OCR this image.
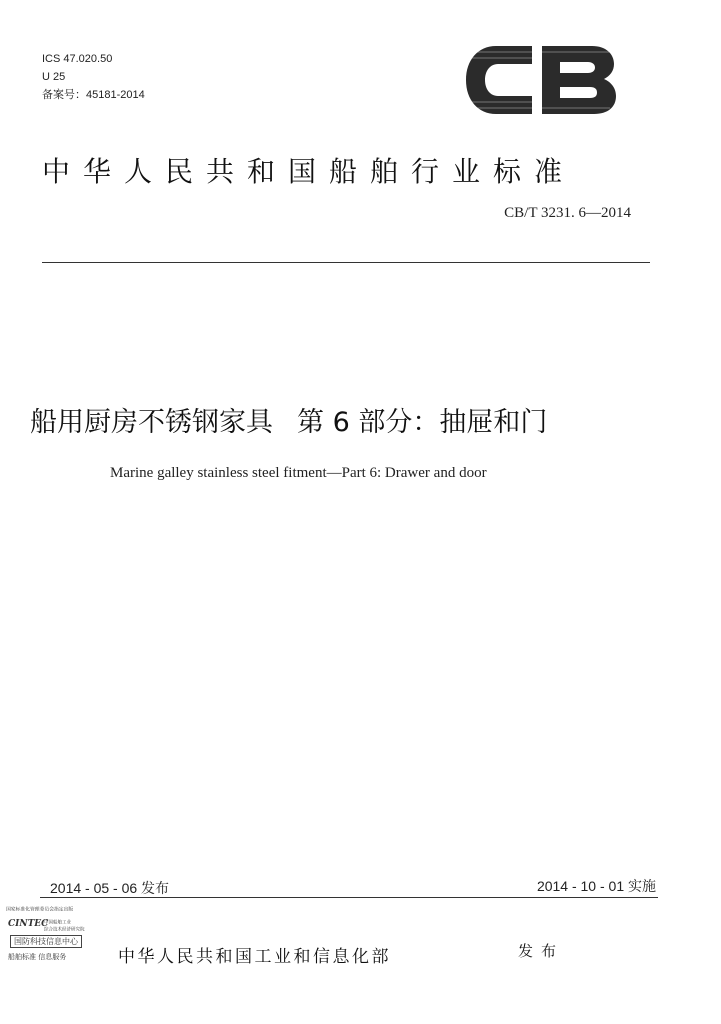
ICS 47.020.50
U 25
备案号：45181-2014
中华人民共和国船舶行业标准
CB/T 3231. 6—2014
船用厨房不锈钢家具 第 6 部分：抽屉和门
Marine galley stainless steel fitment—Part 6: Drawer and door
2014 - 05 - 06 发布	2014 - 10 - 01 实施
国家标准化管理委员会指定出版
CINTEC
中国船舶工业
综合技术经济研究院
国防科技信息中心
船舶标准 信息服务	中华人民共和国工业和信息化部	发布
